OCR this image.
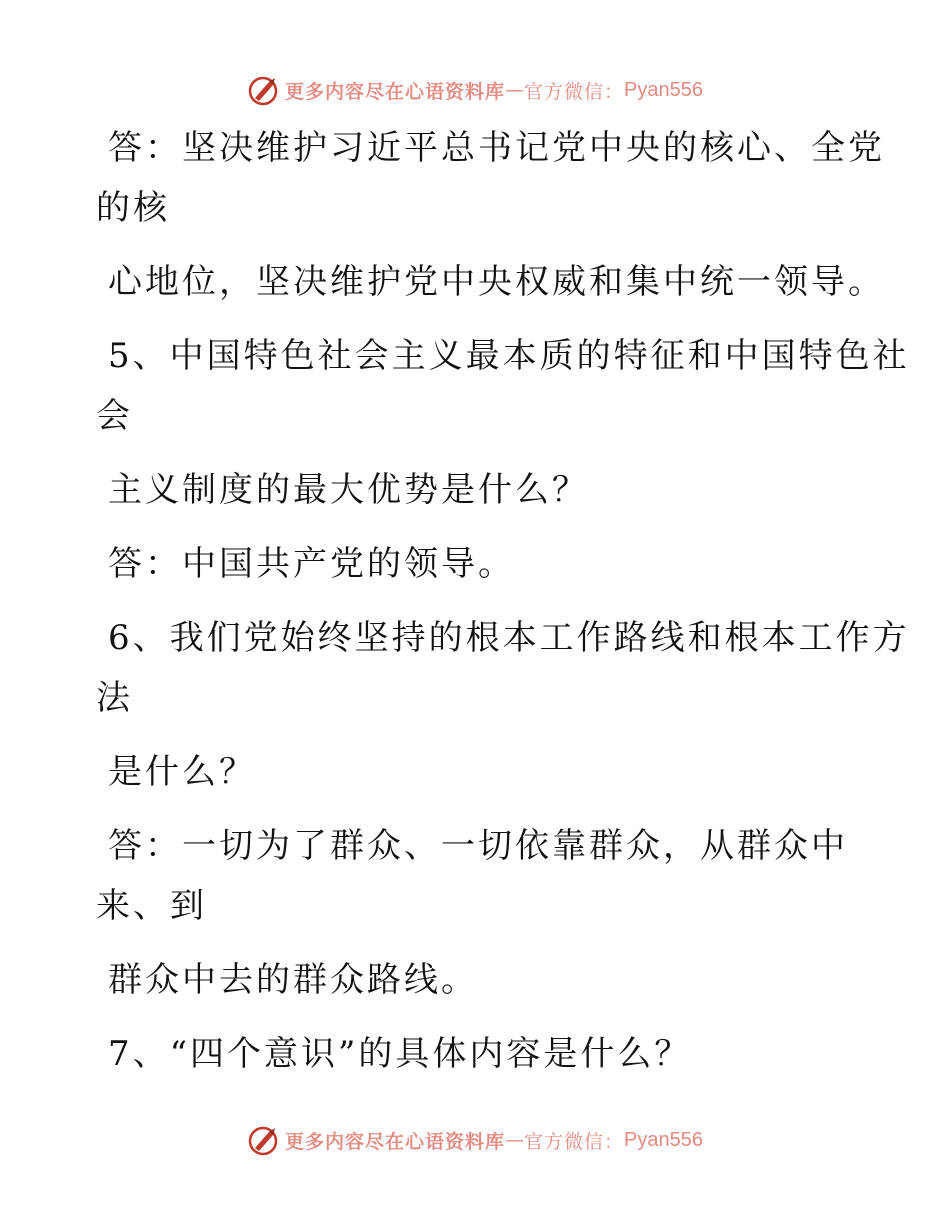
更多内容尽在心语资料库 — 官方微信： Pyan556
答：坚决维护习近平总书记党中央的核心、全党
的核
心地位，坚决维护党中央权威和集中统一领导。
5、中国特色社会主义最本质的特征和中国特色社
会
主义制度的最大优势是什么？
答：中国共产党的领导。
6、我们党始终坚持的根本工作路线和根本工作方
法
是什么？
答：一切为了群众、一切依靠群众，从群众中
来、到
群众中去的群众路线。
7、“四个意识”的具体内容是什么？
更多内容尽在心语资料库 — 官方微信： Pyan556
